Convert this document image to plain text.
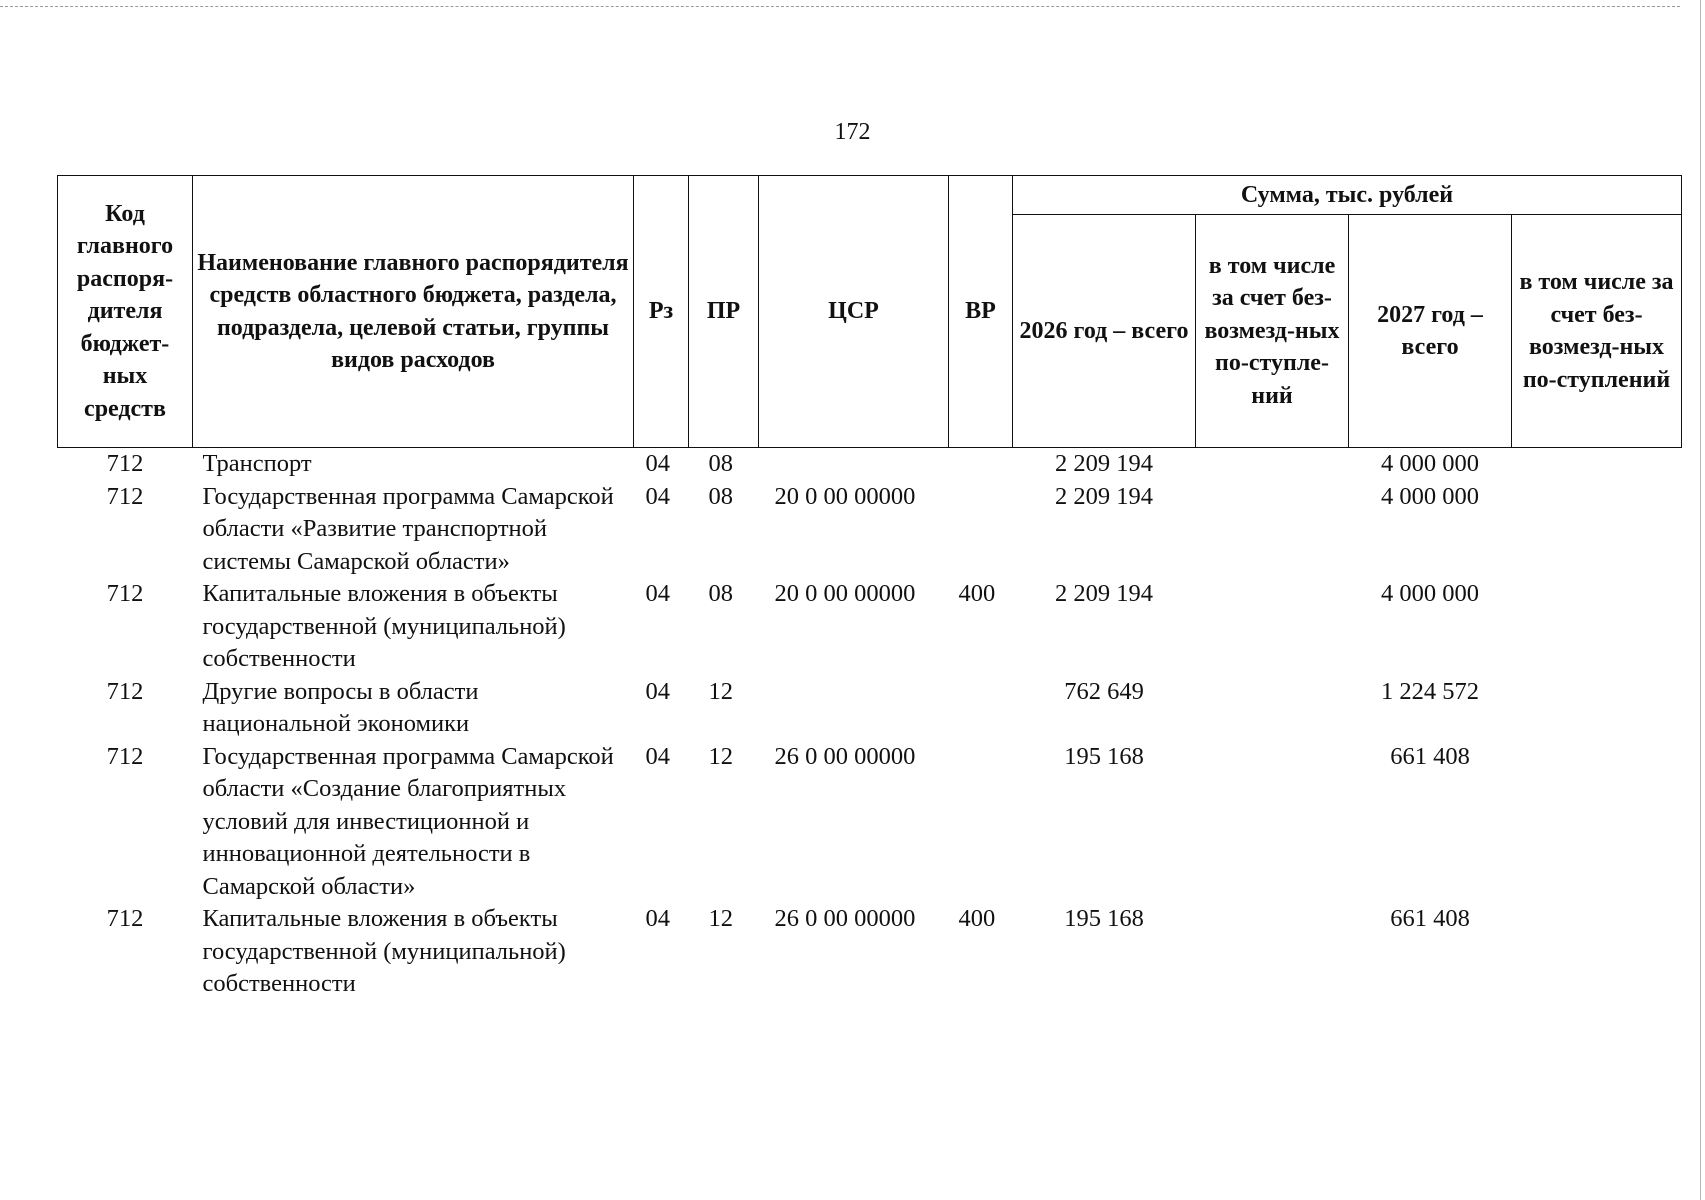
172
Код главного распоря-дителя бюджет-ных средств	Наименование главного распорядителя средств областного бюджета, раздела, подраздела, целевой статьи, группы видов расходов	Рз	ПР	ЦСР	ВР	Сумма, тыс. рублей			
						2026 год – всего	в том числе за счет без-возмезд-ных по-ступле-ний	2027 год – всего	в том числе за счет без-возмезд-ных по-ступлений
712	Транспорт	04	08			2 209 194		4 000 000	
712	Государственная программа Самарской области «Развитие транспортной системы Самарской области»	04	08	20 0 00 00000		2 209 194		4 000 000	
712	Капитальные вложения в объекты государственной (муниципальной) собственности	04	08	20 0 00 00000	400	2 209 194		4 000 000	
712	Другие вопросы в области национальной экономики	04	12			762 649		1 224 572	
712	Государственная программа Самарской области «Создание благоприятных условий для инвестиционной и инновационной деятельности в Самарской области»	04	12	26 0 00 00000		195 168		661 408	
712	Капитальные вложения в объекты государственной (муниципальной) собственности	04	12	26 0 00 00000	400	195 168		661 408	
